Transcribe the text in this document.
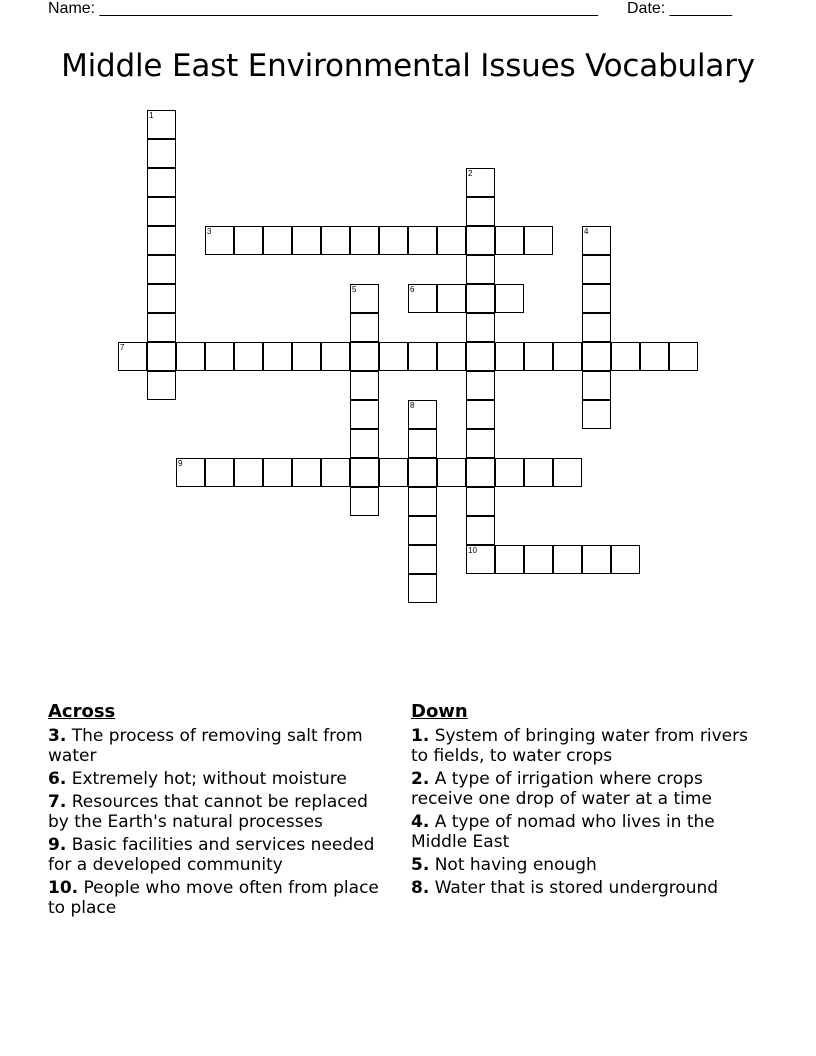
Name: ________________________________________________________ Date: _______
Middle East Environmental Issues Vocabulary
1
2
10
3	4
5	6
7
8
9
Across
3. The process of removing salt from water
6. Extremely hot; without moisture
7. Resources that cannot be replaced by the Earth's natural processes
9. Basic facilities and services needed for a developed community
10. People who move often from place to place
Down
1. System of bringing water from rivers to fields, to water crops
2. A type of irrigation where crops receive one drop of water at a time
4. A type of nomad who lives in the Middle East
5. Not having enough
8. Water that is stored underground
